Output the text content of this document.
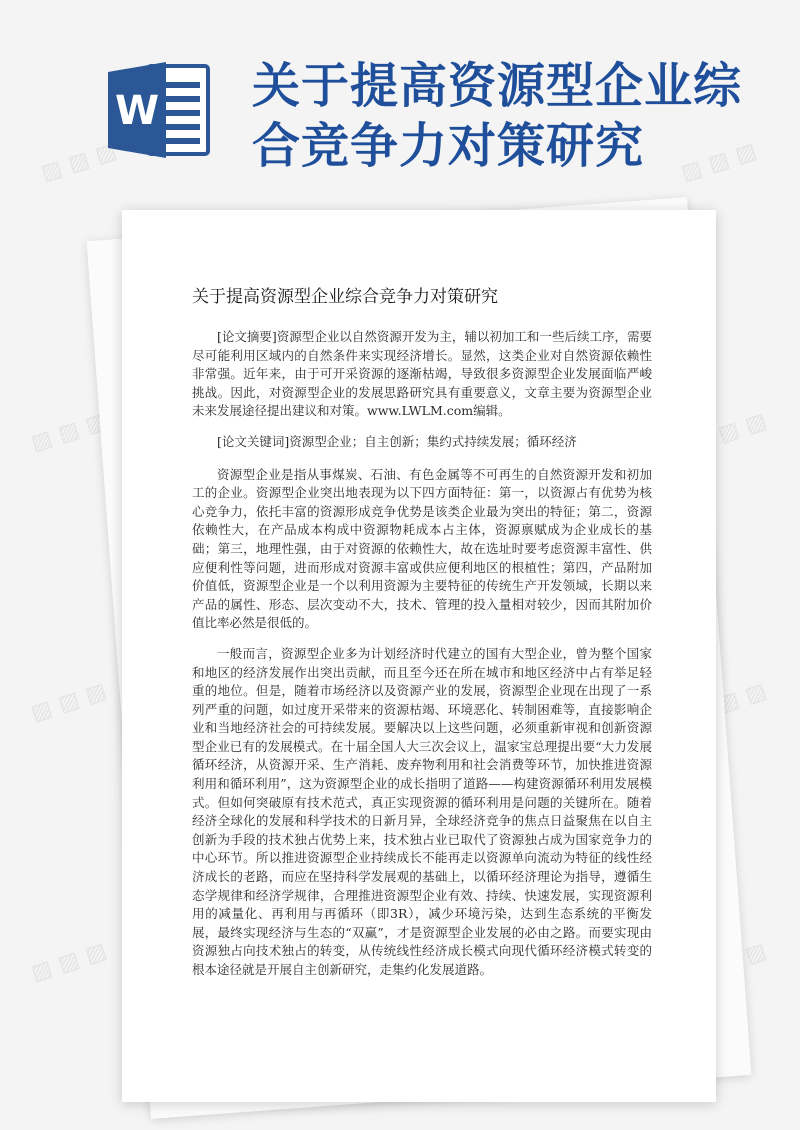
W 关于提高资源型企业综合竞争力对策研究
▨ ▨ ▨	▨ ▨ ▨
▨ ▨ ▨	▨ ▨ ▨
▨ ▨ ▨	▨ ▨ ▨
▨ ▨ ▨	▨
关于提高资源型企业综合竞争力对策研究

[论文摘要]资源型企业以自然资源开发为主，辅以初加工和一些后续工序，需要尽可能利用区域内的自然条件来实现经济增长。显然，这类企业对自然资源依赖性非常强。近年来，由于可开采资源的逐渐枯竭，导致很多资源型企业发展面临严峻挑战。因此，对资源型企业的发展思路研究具有重要意义，文章主要为资源型企业未来发展途径提出建议和对策。www.LWLM.com编辑。

[论文关键词]资源型企业；自主创新；集约式持续发展；循环经济

资源型企业是指从事煤炭、石油、有色金属等不可再生的自然资源开发和初加工的企业。资源型企业突出地表现为以下四方面特征：第一，以资源占有优势为核心竞争力，依托丰富的资源形成竞争优势是该类企业最为突出的特征；第二，资源依赖性大，在产品成本构成中资源物耗成本占主体，资源禀赋成为企业成长的基础；第三，地理性强，由于对资源的依赖性大，故在选址时要考虑资源丰富性、供应便利性等问题，进而形成对资源丰富或供应便利地区的根植性；第四，产品附加价值低，资源型企业是一个以利用资源为主要特征的传统生产开发领域，长期以来产品的属性、形态、层次变动不大，技术、管理的投入量相对较少，因而其附加价值比率必然是很低的。

一般而言，资源型企业多为计划经济时代建立的国有大型企业，曾为整个国家和地区的经济发展作出突出贡献，而且至今还在所在城市和地区经济中占有举足轻重的地位。但是，随着市场经济以及资源产业的发展，资源型企业现在出现了一系列严重的问题，如过度开采带来的资源枯竭、环境恶化、转制困难等，直接影响企业和当地经济社会的可持续发展。要解决以上这些问题，必须重新审视和创新资源型企业已有的发展模式。在十届全国人大三次会议上，温家宝总理提出要“大力发展循环经济，从资源开采、生产消耗、废弃物利用和社会消费等环节，加快推进资源利用和循环利用”，这为资源型企业的成长指明了道路——构建资源循环利用发展模式。但如何突破原有技术范式，真正实现资源的循环利用是问题的关键所在。随着经济全球化的发展和科学技术的日新月异，全球经济竞争的焦点日益聚焦在以自主创新为手段的技术独占优势上来，技术独占业已取代了资源独占成为国家竞争力的中心环节。所以推进资源型企业持续成长不能再走以资源单向流动为特征的线性经济成长的老路，而应在坚持科学发展观的基础上，以循环经济理论为指导，遵循生态学规律和经济学规律，合理推进资源型企业有效、持续、快速发展，实现资源利用的减量化、再利用与再循环（即3R），减少环境污染，达到生态系统的平衡发展，最终实现经济与生态的“双赢”，才是资源型企业发展的必由之路。而要实现由资源独占向技术独占的转变，从传统线性经济成长模式向现代循环经济模式转变的根本途径就是开展自主创新研究，走集约化发展道路。
